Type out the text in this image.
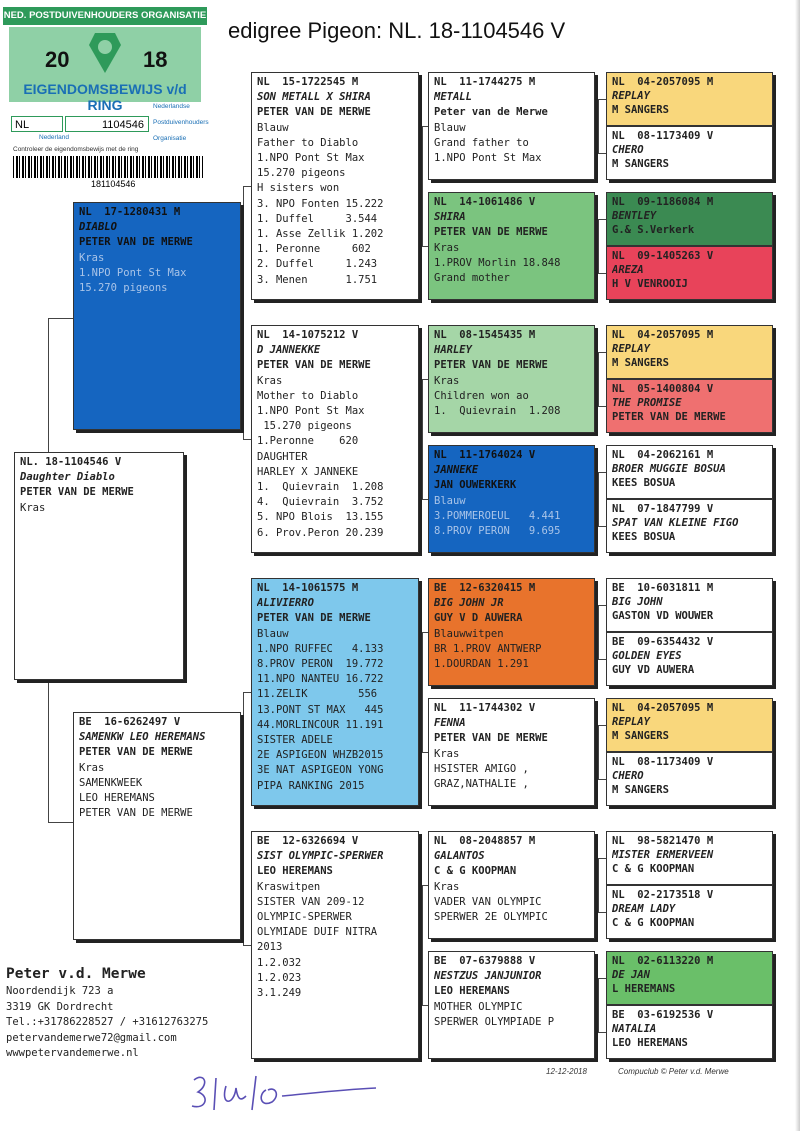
edigree Pigeon: NL. 18-1104546 V
NED. POSTDUIVENHOUDERS ORGANISATIE
20	18
EIGENDOMSBEWIJS v/d RING
NL	1104546
Nederlandse
Postduivenhouders
Organisatie
Nederland
Controleer de eigendomsbewijs met de ring
181104546
NL. 18-1104546 V
Daughter Diablo
PETER VAN DE MERWE
Kras
NL  17-1280431 M
DIABLO
PETER VAN DE MERWE
Kras
1.NPO Pont St Max
15.270 pigeons
BE  16-6262497 V
SAMENKW LEO HEREMANS
PETER VAN DE MERWE
Kras
SAMENKWEEK
LEO HEREMANS
PETER VAN DE MERWE
NL  15-1722545 M
SON METALL X SHIRA
PETER VAN DE MERWE
Blauw
Father to Diablo
1.NPO Pont St Max
15.270 pigeons
H sisters won
3. NPO Fonten 15.222
1. Duffel     3.544
1. Asse Zellik 1.202
1. Peronne     602
2. Duffel     1.243
3. Menen      1.751
NL  14-1075212 V
D JANNEKKE
PETER VAN DE MERWE
Kras
Mother to Diablo
1.NPO Pont St Max
15.270 pigeons
1.Peronne    620
DAUGHTER
HARLEY X JANNEKE
1.  Quievrain  1.208
4.  Quievrain  3.752
5. NPO Blois  13.155
6. Prov.Peron 20.239
NL  14-1061575 M
ALIVIERRO
PETER VAN DE MERWE
Blauw
1.NPO RUFFEC   4.133
8.PROV PERON  19.772
11.NPO NANTEU 16.722
11.ZELIK        556
13.PONT ST MAX   445
44.MORLINCOUR 11.191
SISTER ADELE
2E ASPIGEON WHZB2015
3E NAT ASPIGEON YONG
PIPA RANKING 2015
BE  12-6326694 V
SIST OLYMPIC-SPERWER
LEO HEREMANS
Kraswitpen
SISTER VAN 209-12
OLYMPIC-SPERWER
OLYMIADE DUIF NITRA
2013
1.2.032
1.2.023
3.1.249
NL  11-1744275 M
METALL
Peter van de Merwe
Blauw
Grand father to
1.NPO Pont St Max
NL  14-1061486 V
SHIRA
PETER VAN DE MERWE
Kras
1.PROV Morlin 18.848
Grand mother
NL  08-1545435 M
HARLEY
PETER VAN DE MERWE
Kras
Children won ao
1.  Quievrain  1.208
NL  11-1764024 V
JANNEKE
JAN OUWERKERK
Blauw
3.POMMEROEUL   4.441
8.PROV PERON   9.695
BE  12-6320415 M
BIG JOHN JR
GUY V D AUWERA
Blauwwitpen
BR 1.PROV ANTWERP
1.DOURDAN 1.291
NL  11-1744302 V
FENNA
PETER VAN DE MERWE
Kras
HSISTER AMIGO ,
GRAZ,NATHALIE ,
NL  08-2048857 M
GALANTOS
C & G KOOPMAN
Kras
VADER VAN OLYMPIC
SPERWER 2E OLYMPIC
BE  07-6379888 V
NESTZUS JANJUNIOR
LEO HEREMANS
MOTHER OLYMPIC
SPERWER OLYMPIADE P
NL  04-2057095 M
REPLAY
M SANGERS
NL  08-1173409 V
CHERO
M SANGERS
NL  09-1186084 M
BENTLEY
G.& S.Verkerk
NL  09-1405263 V
AREZA
H V VENROOIJ
NL  04-2057095 M
REPLAY
M SANGERS
NL  05-1400804 V
THE PROMISE
PETER VAN DE MERWE
NL  04-2062161 M
BROER MUGGIE BOSUA
KEES BOSUA
NL  07-1847799 V
SPAT VAN KLEINE FIGO
KEES BOSUA
BE  10-6031811 M
BIG JOHN
GASTON VD WOUWER
BE  09-6354432 V
GOLDEN EYES
GUY VD AUWERA
NL  04-2057095 M
REPLAY
M SANGERS
NL  08-1173409 V
CHERO
M SANGERS
NL  98-5821470 M
MISTER ERMERVEEN
C & G KOOPMAN
NL  02-2173518 V
DREAM LADY
C & G KOOPMAN
NL  02-6113220 M
DE JAN
L HEREMANS
BE  03-6192536 V
NATALIA
LEO HEREMANS
Peter v.d. Merwe
Noordendijk 723 a
3319 GK Dordrecht
Tel.:+31786228527 / +31612763275
petervandemerwe72@gmail.com
wwwpetervandemerwe.nl
12-12-2018	Compuclub © Peter v.d. Merwe
